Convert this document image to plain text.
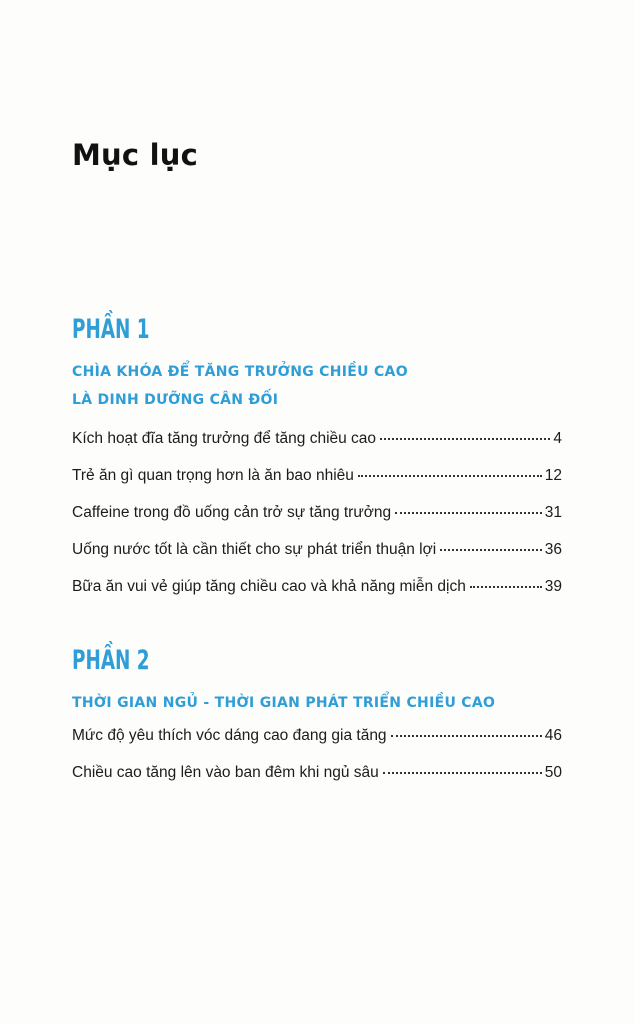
Mục lục
PHẦN 1
CHÌA KHÓA ĐỂ TĂNG TRƯỞNG CHIỀU CAO
LÀ DINH DƯỠNG CÂN ĐỐI
Kích hoạt đĩa tăng trưởng để tăng chiều cao	4
Trẻ ăn gì quan trọng hơn là ăn bao nhiêu	12
Caffeine trong đồ uống cản trở sự tăng trưởng	31
Uống nước tốt là cần thiết cho sự phát triển thuận lợi	36
Bữa ăn vui vẻ giúp tăng chiều cao và khả năng miễn dịch	39
PHẦN 2
THỜI GIAN NGỦ - THỜI GIAN PHÁT TRIỂN CHIỀU CAO
Mức độ yêu thích vóc dáng cao đang gia tăng	46
Chiều cao tăng lên vào ban đêm khi ngủ sâu	50
